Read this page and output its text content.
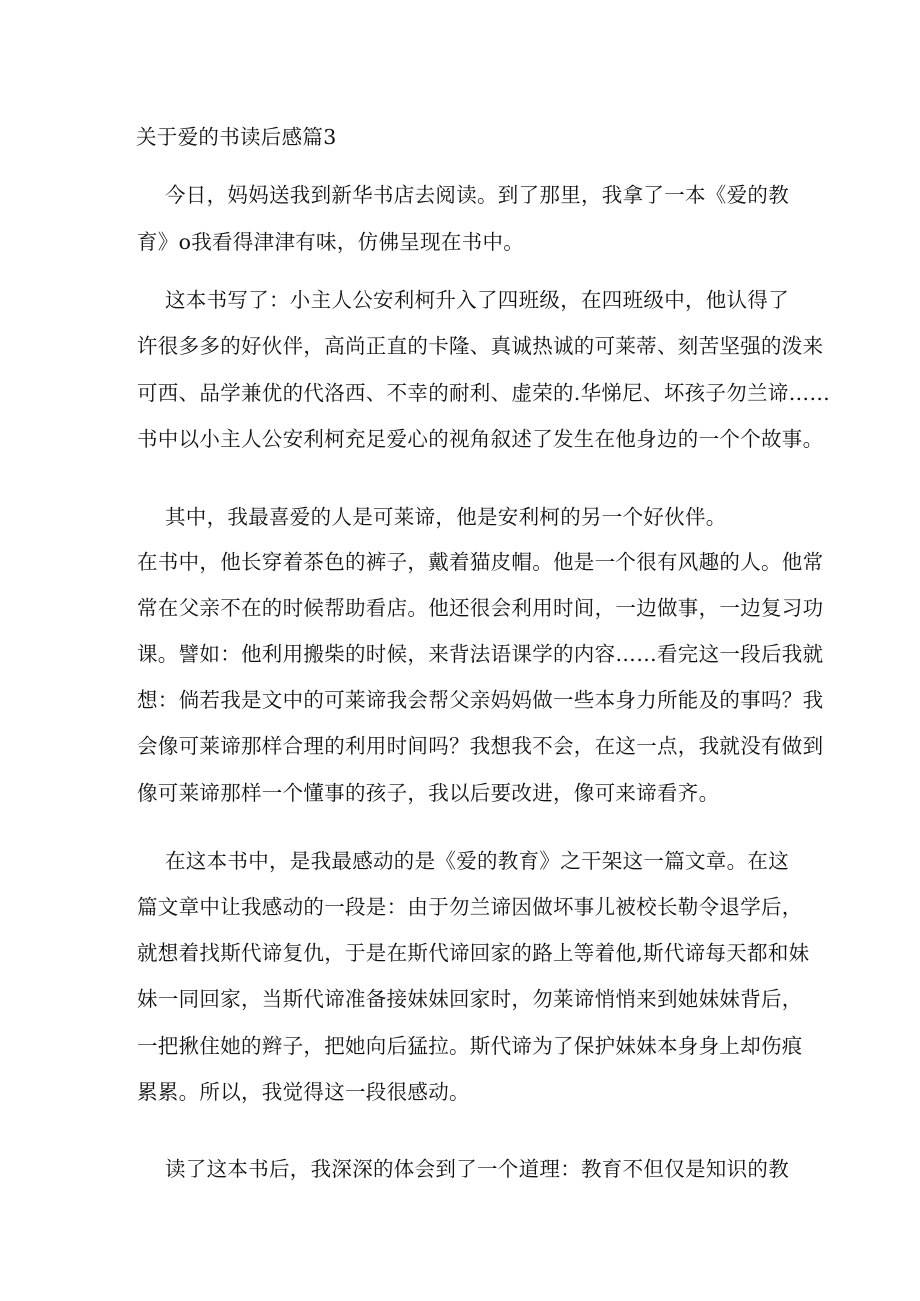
关于爱的书读后感篇3
今日，妈妈送我到新华书店去阅读。到了那里，我拿了一本《爱的教
育》o我看得津津有味，仿佛呈现在书中。
这本书写了：小主人公安利柯升入了四班级，在四班级中，他认得了
许很多多的好伙伴，高尚正直的卡隆、真诚热诚的可莱蒂、刻苦坚强的泼来
可西、品学兼优的代洛西、不幸的耐利、虚荣的.华悌尼、坏孩子勿兰谛……
书中以小主人公安利柯充足爱心的视角叙述了发生在他身边的一个个故事。
其中，我最喜爱的人是可莱谛，他是安利柯的另一个好伙伴。
在书中，他长穿着茶色的裤子，戴着猫皮帽。他是一个很有风趣的人。他常
常在父亲不在的时候帮助看店。他还很会利用时间，一边做事，一边复习功
课。譬如：他利用搬柴的时候，来背法语课学的内容……看完这一段后我就
想：倘若我是文中的可莱谛我会帮父亲妈妈做一些本身力所能及的事吗？我
会像可莱谛那样合理的利用时间吗？我想我不会，在这一点，我就没有做到
像可莱谛那样一个懂事的孩子，我以后要改进，像可来谛看齐。
在这本书中，是我最感动的是《爱的教育》之干架这一篇文章。在这
篇文章中让我感动的一段是：由于勿兰谛因做坏事儿被校长勒令退学后，
就想着找斯代谛复仇，于是在斯代谛回家的路上等着他,斯代谛每天都和妹
妹一同回家，当斯代谛准备接妹妹回家时，勿莱谛悄悄来到她妹妹背后，
一把揪住她的辫子，把她向后猛拉。斯代谛为了保护妹妹本身身上却伤痕
累累。所以，我觉得这一段很感动。
读了这本书后，我深深的体会到了一个道理：教育不但仅是知识的教
